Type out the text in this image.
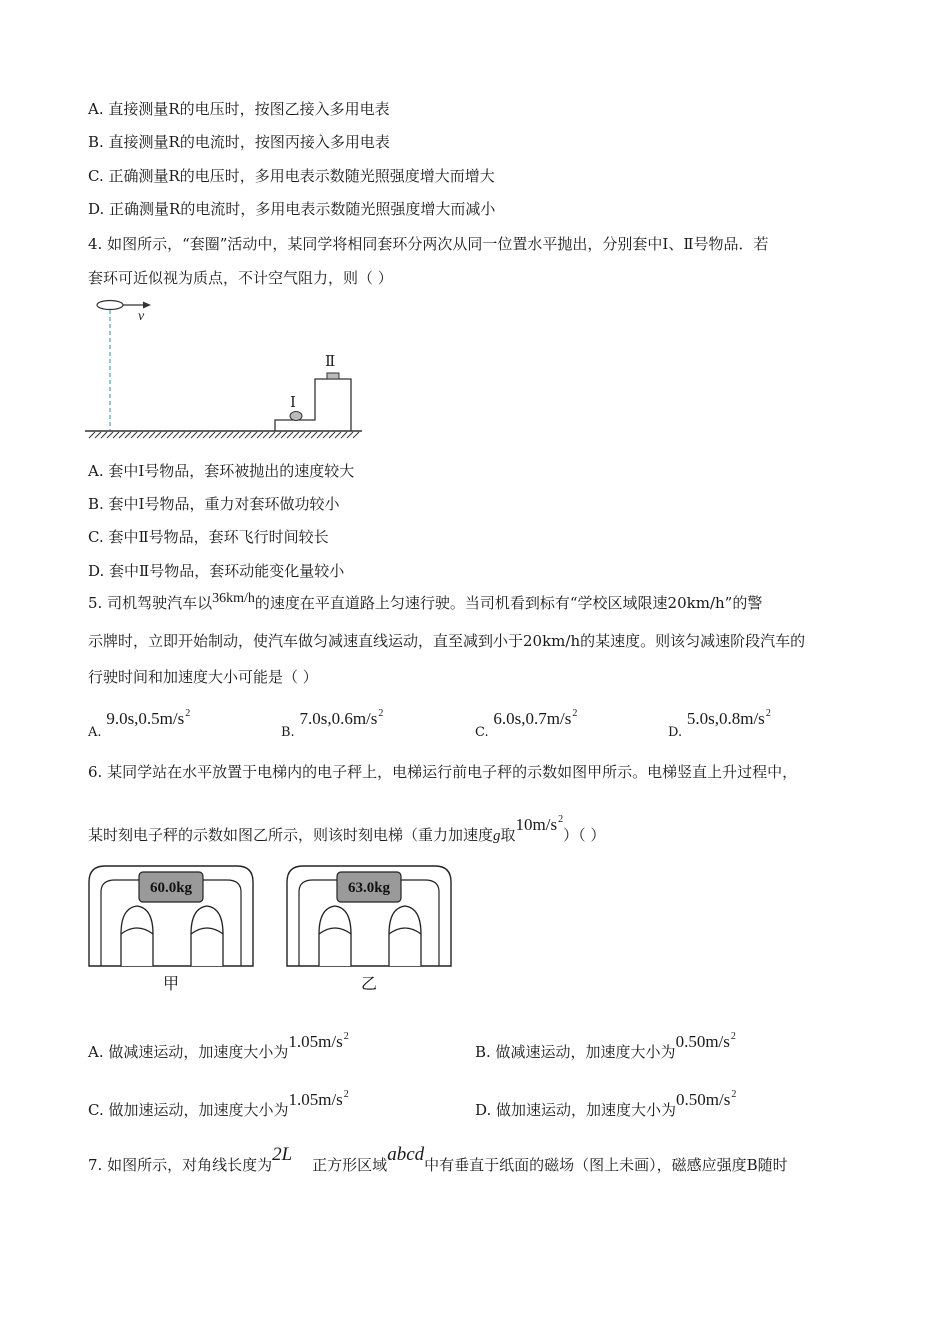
A. 直接测量R的电压时，按图乙接入多用电表
B. 直接测量R的电流时，按图丙接入多用电表
C. 正确测量R的电压时，多用电表示数随光照强度增大而增大
D. 正确测量R的电流时，多用电表示数随光照强度增大而减小
4. 如图所示，“套圈”活动中，某同学将相同套环分两次从同一位置水平抛出，分别套中Ⅰ、Ⅱ号物品．若
套环可近似视为质点，不计空气阻力，则（ ）
v
Ⅰ
Ⅱ
A. 套中Ⅰ号物品，套环被抛出的速度较大
B. 套中Ⅰ号物品，重力对套环做功较小
C. 套中Ⅱ号物品，套环飞行时间较长
D. 套中Ⅱ号物品，套环动能变化量较小
5. 司机驾驶汽车以36km/h的速度在平直道路上匀速行驶。当司机看到标有“学校区域限速20km/h”的警
示牌时，立即开始制动，使汽车做匀减速直线运动，直至减到小于20km/h的某速度。则该匀减速阶段汽车的
行驶时间和加速度大小可能是（ ）
A. $9.0s,0.5m/s^2$
B. $7.0s,0.6m/s^2$
C. $6.0s,0.7m/s^2$
D. $5.0s,0.8m/s^2$
6. 某同学站在水平放置于电梯内的电子秤上，电梯运行前电子秤的示数如图甲所示。电梯竖直上升过程中，
某时刻电子秤的示数如图乙所示，则该时刻电梯（重力加速度g取$10m/s^2$）（ ）
60.0kg
甲
63.0kg
乙
A. 做减速运动，加速度大小为$1.05m/s^2$
B. 做减速运动，加速度大小为$0.50m/s^2$
C. 做加速运动，加速度大小为$1.05m/s^2$
D. 做加速运动，加速度大小为$0.50m/s^2$
7. 如图所示，对角线长度为2L 正方形区域abcd中有垂直于纸面的磁场（图上未画），磁感应强度B随时
